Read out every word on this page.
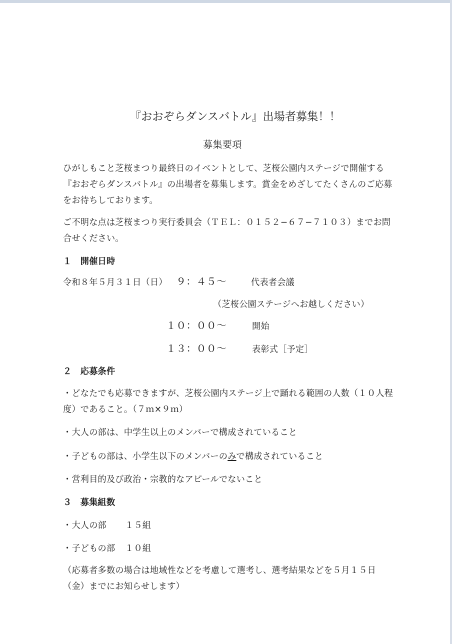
『おおぞらダンスバトル』出場者募集！！
募集要項
ひがしもこと芝桜まつり最終日のイベントとして、芝桜公園内ステージで開催する
『おおぞらダンスバトル』の出場者を募集します。賞金をめざしてたくさんのご応募
をお待ちしております。
ご不明な点は芝桜まつり実行委員会（ＴＥＬ：０１５２−６７−７１０３）までお問
合せください。
１　開催日時
令和８年５月３１日（日） ９：４５〜	代表者会議
（芝桜公園ステージへお越しください）
１０：００〜	開始
１３：００〜	表彰式［予定］
２　応募条件
・どなたでも応募できますが、芝桜公園内ステージ上で踊れる範囲の人数（１０人程
度）であること。（７ｍ×９ｍ）
・大人の部は、中学生以上のメンバーで構成されていること
・子どもの部は、小学生以下のメンバーのみで構成されていること
・営利目的及び政治・宗教的なアピールでないこと
３　募集組数
・大人の部 １５組
・子どもの部 １０組
（応募者多数の場合は地域性などを考慮して選考し、選考結果などを５月１５日
（金）までにお知らせします）
